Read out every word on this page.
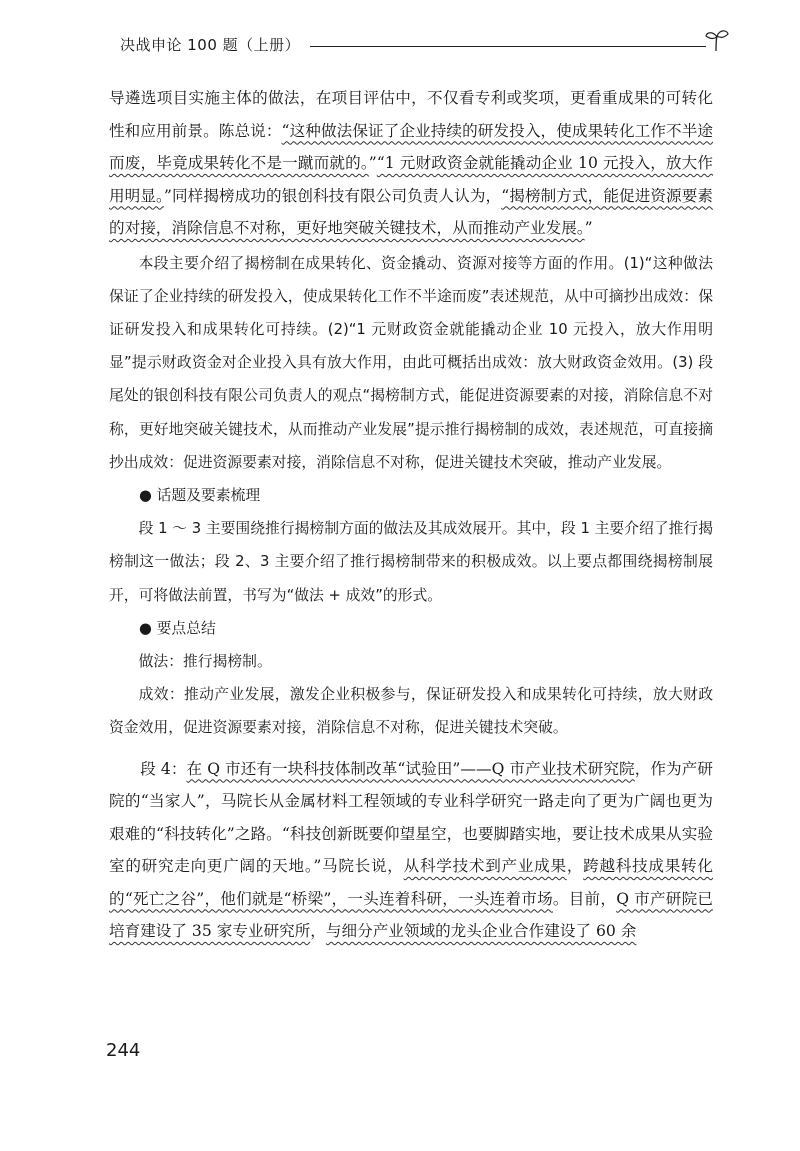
决战申论 100 题（上册）

导遴选项目实施主体的做法，在项目评估中，不仅看专利或奖项，更看重成果的可转化性和应用前景。陈总说：“这种做法保证了企业持续的研发投入，使成果转化工作不半途而废，毕竟成果转化不是一蹴而就的。”“1 元财政资金就能撬动企业 10 元投入，放大作用明显。”同样揭榜成功的银创科技有限公司负责人认为，“揭榜制方式，能促进资源要素的对接，消除信息不对称，更好地突破关键技术，从而推动产业发展。”

本段主要介绍了揭榜制在成果转化、资金撬动、资源对接等方面的作用。(1)“这种做法保证了企业持续的研发投入，使成果转化工作不半途而废”表述规范，从中可摘抄出成效：保证研发投入和成果转化可持续。(2)“1 元财政资金就能撬动企业 10 元投入，放大作用明显”提示财政资金对企业投入具有放大作用，由此可概括出成效：放大财政资金效用。(3) 段尾处的银创科技有限公司负责人的观点“揭榜制方式，能促进资源要素的对接，消除信息不对称，更好地突破关键技术，从而推动产业发展”提示推行揭榜制的成效，表述规范，可直接摘抄出成效：促进资源要素对接，消除信息不对称，促进关键技术突破，推动产业发展。

● 话题及要素梳理

段 1 ～ 3 主要围绕推行揭榜制方面的做法及其成效展开。其中，段 1 主要介绍了推行揭榜制这一做法；段 2、3 主要介绍了推行揭榜制带来的积极成效。以上要点都围绕揭榜制展开，可将做法前置，书写为“做法 + 成效”的形式。

● 要点总结

做法：推行揭榜制。

成效：推动产业发展，激发企业积极参与，保证研发投入和成果转化可持续，放大财政资金效用，促进资源要素对接，消除信息不对称，促进关键技术突破。

段 4：在 Q 市还有一块科技体制改革“试验田”——Q 市产业技术研究院，作为产研院的“当家人”，马院长从金属材料工程领域的专业科学研究一路走向了更为广阔也更为艰难的“科技转化”之路。“科技创新既要仰望星空，也要脚踏实地，要让技术成果从实验室的研究走向更广阔的天地。”马院长说，从科学技术到产业成果，跨越科技成果转化的“死亡之谷”，他们就是“桥梁”，一头连着科研，一头连着市场。目前，Q 市产研院已培育建设了 35 家专业研究所，与细分产业领域的龙头企业合作建设了 60 余

244
